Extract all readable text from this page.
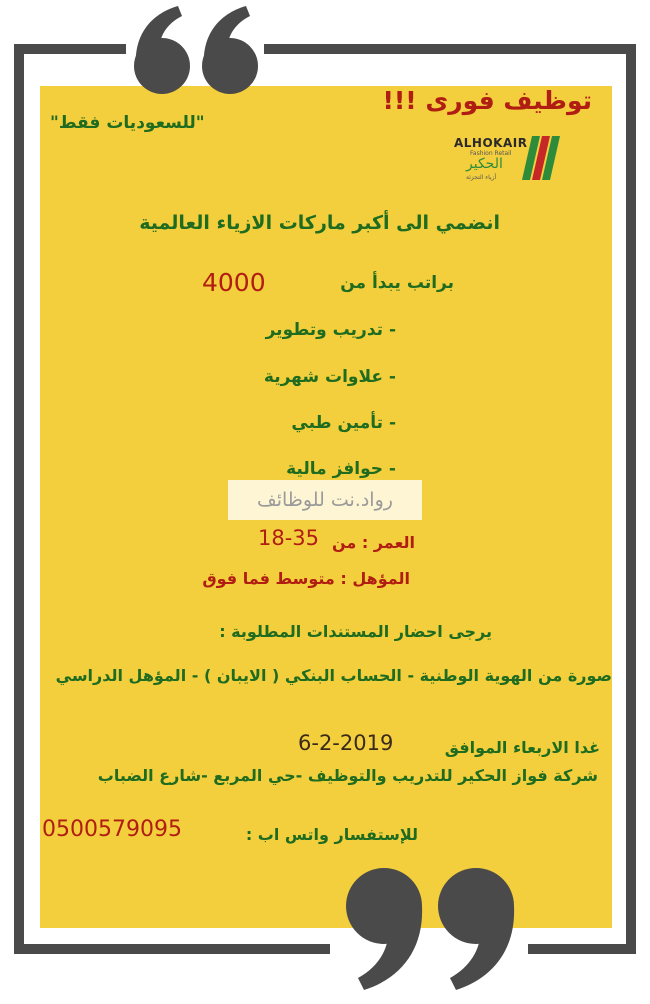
توظيف فورى !!!
"للسعوديات فقط"
ALHOKAIR
Fashion Retail
الحكير
أزياء التجزئة
انضمي الى أكبر ماركات الازياء العالمية
براتب يبدأ من
4000
- تدريب وتطوير
- علاوات شهرية
- تأمين طبي
- حوافز مالية
رواد.نت للوظائف
العمر : من
18-35
المؤهل : متوسط فما فوق
يرجى احضار المستندات المطلوبة :
صورة من الهوية الوطنية - الحساب البنكي ( الايبان ) - المؤهل الدراسي
غدا الاربعاء الموافق
6-2-2019
شركة فواز الحكير للتدريب والتوظيف -حي المربع -شارع الضباب
للإستفسار واتس اب :
0500579095
